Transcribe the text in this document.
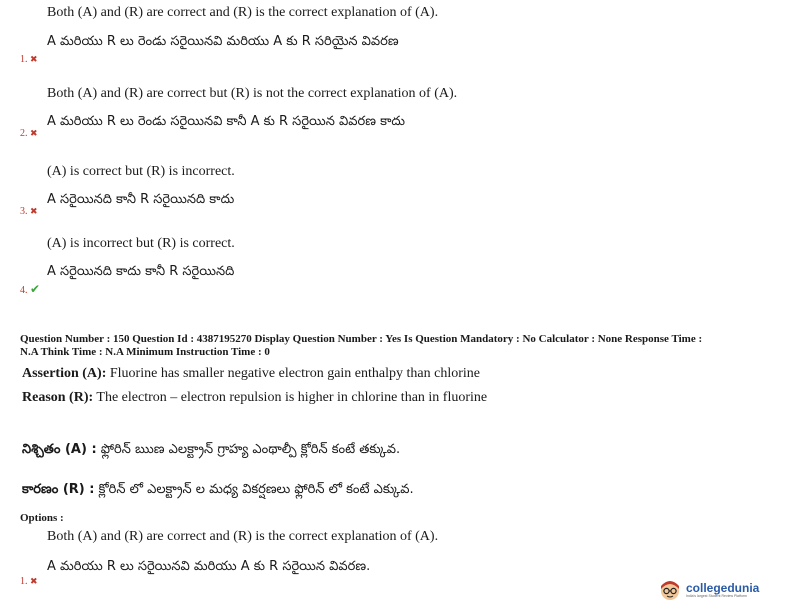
Both (A) and (R) are correct and (R) is the correct explanation of (A).
A మరియు R లు రెండు సరైయినవి మరియు A కు R సరియైన వివరణ
1. ✖
Both (A) and (R) are correct but (R) is not the correct explanation of (A).
A మరియు R లు రెండు సరైయినవి కానీ A కు R సరైయిన వివరణ కాదు
2. ✖
(A) is correct but (R) is incorrect.
A సరైయినది కానీ R సరైయినది కాదు
3. ✖
(A) is incorrect but (R) is correct.
A సరైయినది కాదు కానీ R సరైయినది
4. ✔
Question Number : 150 Question Id : 4387195270 Display Question Number : Yes Is Question Mandatory : No Calculator : None Response Time :
N.A Think Time : N.A Minimum Instruction Time : 0
Assertion (A): Fluorine has smaller negative electron gain enthalpy than chlorine
Reason (R): The electron – electron repulsion is higher in chlorine than in fluorine
నిశ్చితం (A) : ఫ్లోరిన్ ఋణ ఎలక్ట్రాన్ గ్రాహ్య ఎంథాల్పీ క్లోరిన్ కంటే తక్కువ.
కారణం (R) : క్లోరిన్ లో ఎలక్ట్రాన్ ల మధ్య వికర్షణలు ఫ్లోరిన్ లో కంటే ఎక్కువ.
Options :
Both (A) and (R) are correct and (R) is the correct explanation of (A).
A మరియు R లు సరైయినవి మరియు A కు R సరైయిన వివరణ.
1. ✖	collegedunia
India's largest Student Review Platform
